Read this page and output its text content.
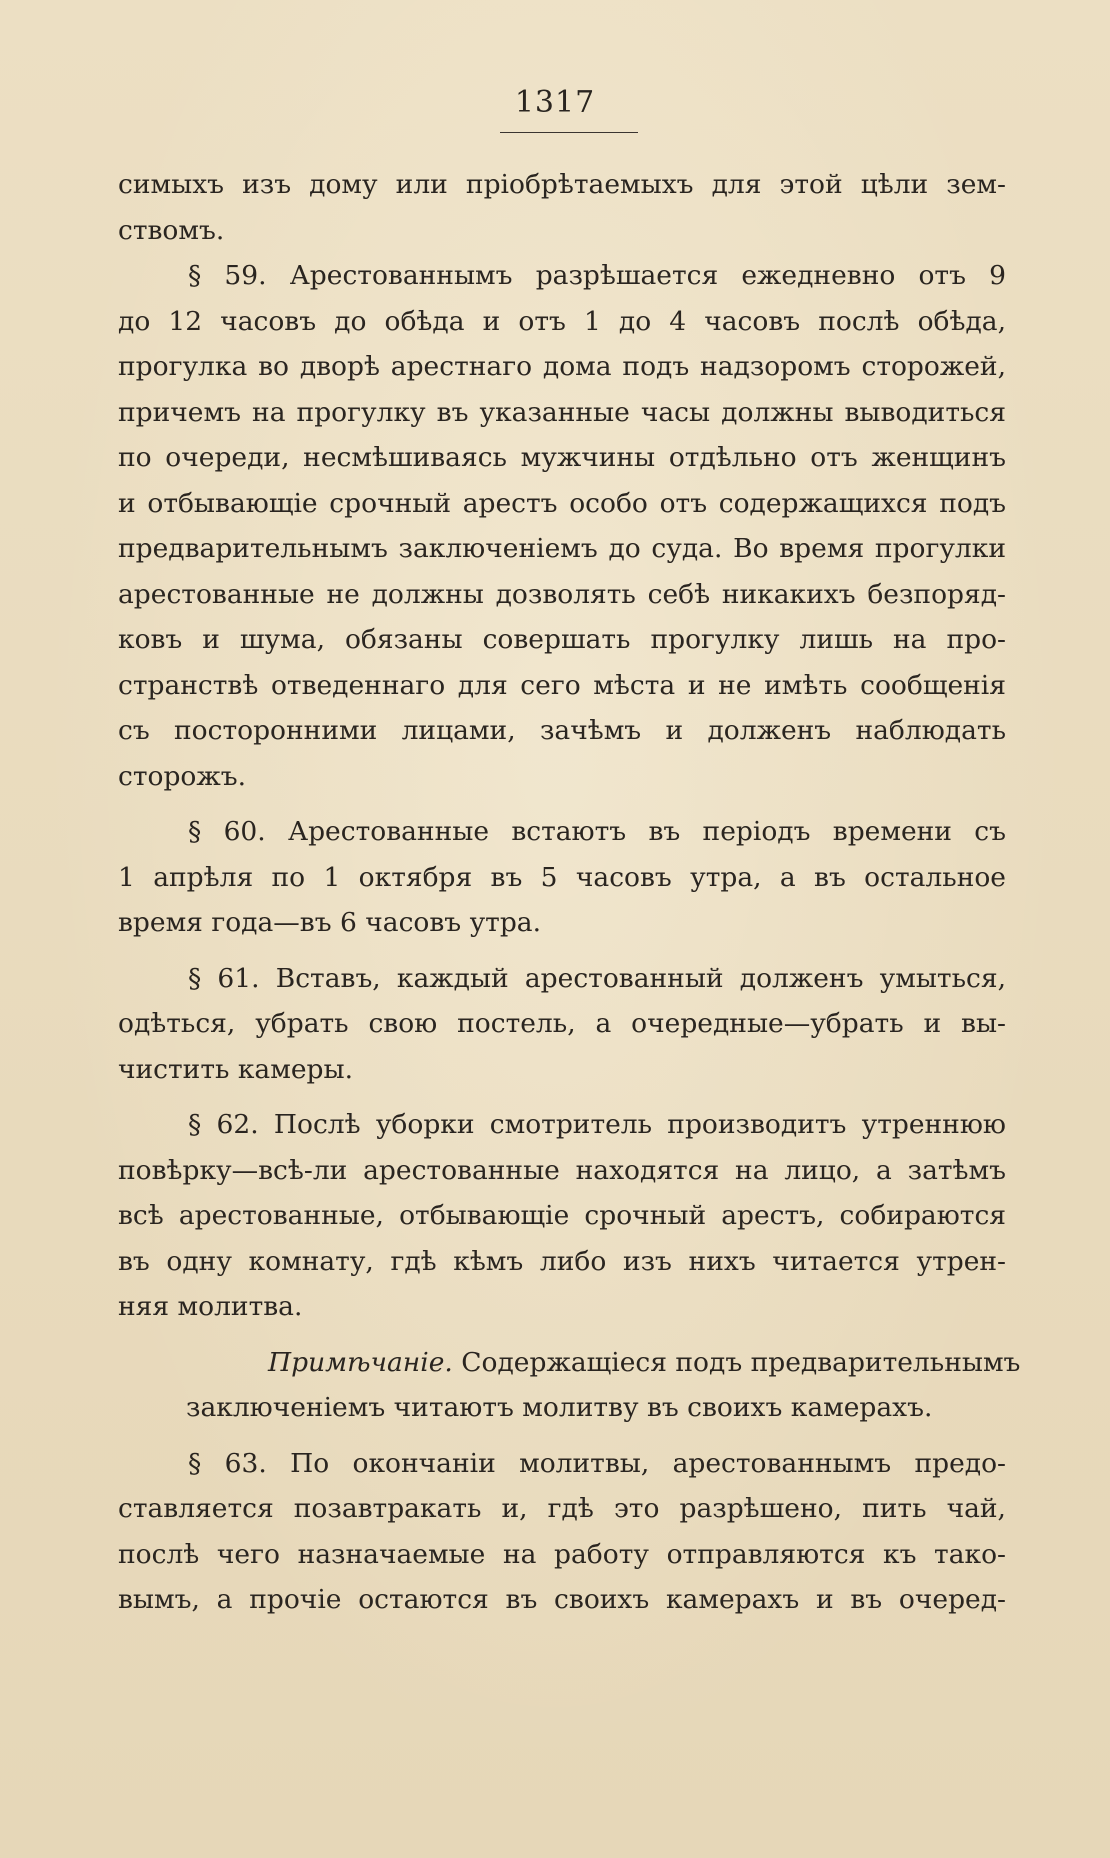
1317
симыхъ изъ дому или пріобрѣтаемыхъ для этой цѣли зем-
ствомъ.
§ 59. Арестованнымъ разрѣшается ежедневно отъ 9
до 12 часовъ до обѣда и отъ 1 до 4 часовъ послѣ обѣда,
прогулка во дворѣ арестнаго дома подъ надзоромъ сторожей,
причемъ на прогулку въ указанные часы должны выводиться
по очереди, несмѣшиваясь мужчины отдѣльно отъ женщинъ
и отбывающіе срочный арестъ особо отъ содержащихся подъ
предварительнымъ заключеніемъ до суда. Во время прогулки
арестованные не должны дозволять себѣ никакихъ безпоряд-
ковъ и шума, обязаны совершать прогулку лишь на про-
странствѣ отведеннаго для сего мѣста и не имѣть сообщенія
съ посторонними лицами, зачѣмъ и долженъ наблюдать
сторожъ.
§ 60. Арестованные встаютъ въ періодъ времени съ
1 апрѣля по 1 октября въ 5 часовъ утра, а въ остальное
время года—въ 6 часовъ утра.
§ 61. Вставъ, каждый арестованный долженъ умыться,
одѣться, убрать свою постель, а очередные—убрать и вы-
чистить камеры.
§ 62. Послѣ уборки смотритель производитъ утреннюю
повѣрку—всѣ-ли арестованные находятся на лицо, а затѣмъ
всѣ арестованные, отбывающіе срочный арестъ, собираются
въ одну комнату, гдѣ кѣмъ либо изъ нихъ читается утрен-
няя молитва.
Примѣчаніе. Содержащіеся подъ предварительнымъ
заключеніемъ читаютъ молитву въ своихъ камерахъ.
§ 63. По окончаніи молитвы, арестованнымъ предо-
ставляется позавтракать и, гдѣ это разрѣшено, пить чай,
послѣ чего назначаемые на работу отправляются къ тако-
вымъ, а прочіе остаются въ своихъ камерахъ и въ очеред-
